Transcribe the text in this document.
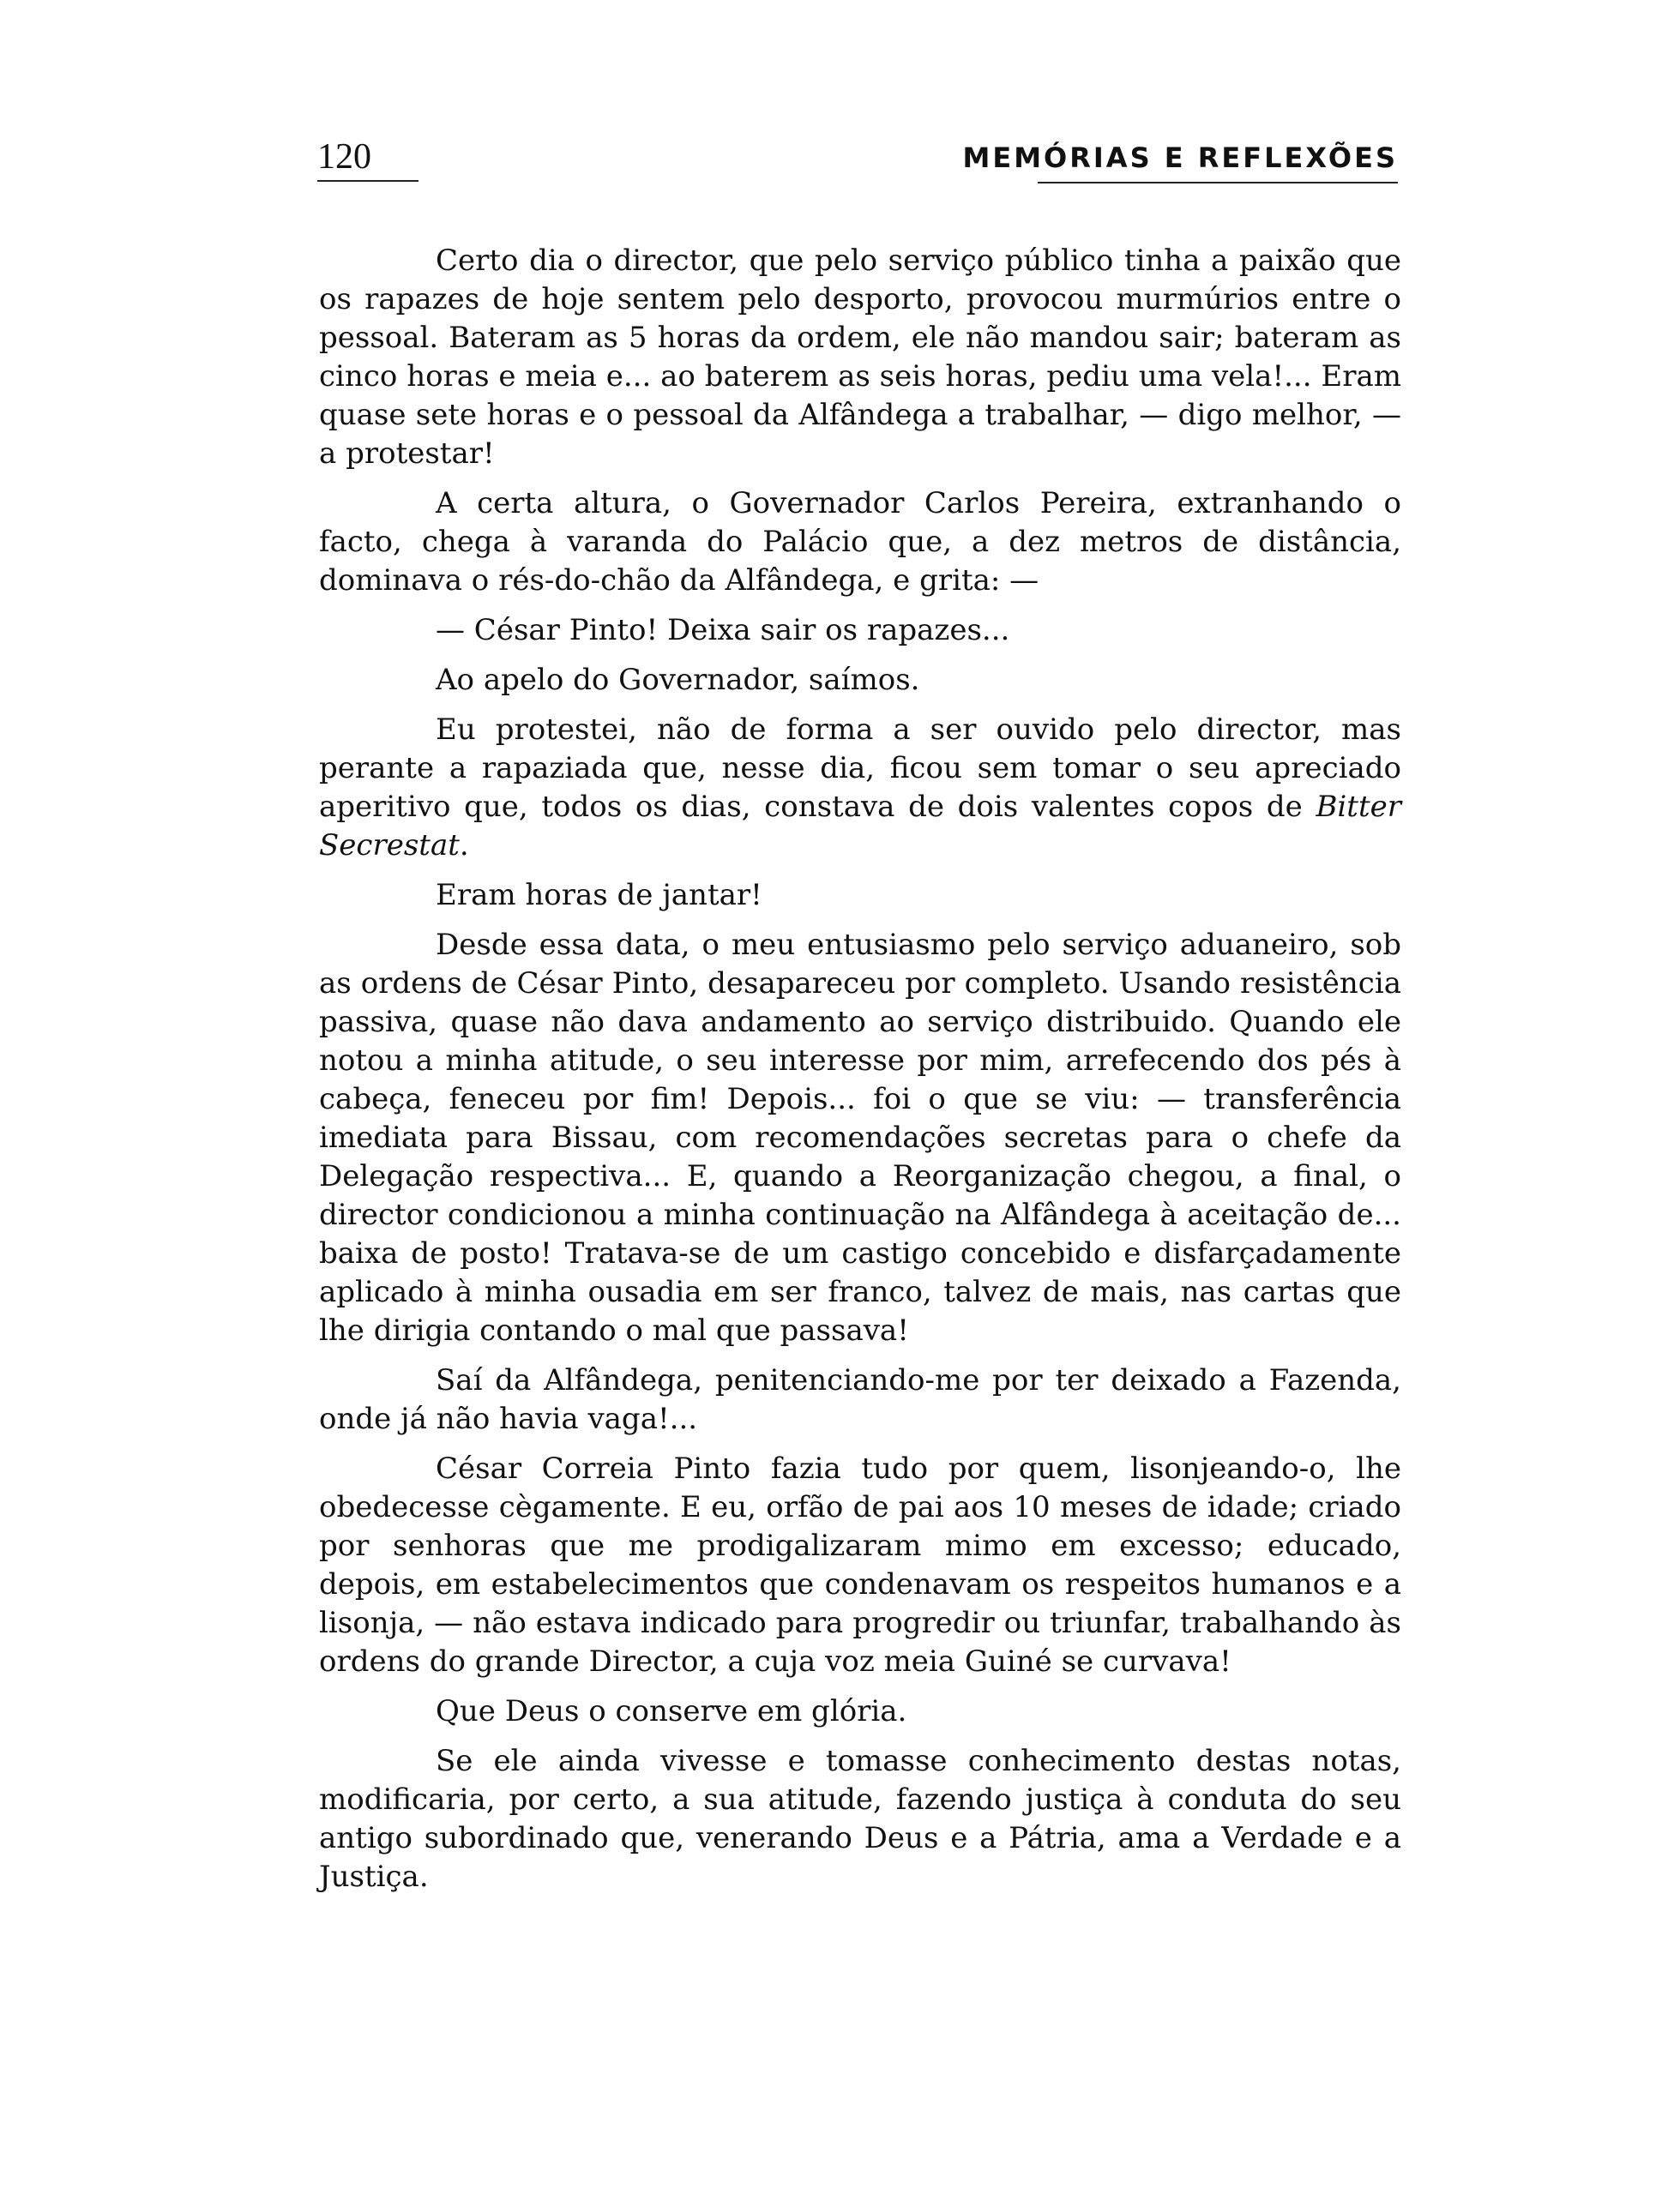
120	MEMÓRIAS E REFLEXÕES

Certo dia o director, que pelo serviço público tinha a paixão que os rapazes de hoje sentem pelo desporto, provocou murmúrios entre o pessoal. Bateram as 5 horas da ordem, ele não mandou sair; bateram as cinco horas e meia e... ao baterem as seis horas, pediu uma vela!... Eram quase sete horas e o pessoal da Alfândega a trabalhar, — digo melhor, — a protestar!

A certa altura, o Governador Carlos Pereira, extranhando o facto, chega à varanda do Palácio que, a dez metros de distância, dominava o rés-do-chão da Alfândega, e grita: —

— César Pinto! Deixa sair os rapazes...

Ao apelo do Governador, saímos.

Eu protestei, não de forma a ser ouvido pelo director, mas perante a rapaziada que, nesse dia, ficou sem tomar o seu apreciado aperitivo que, todos os dias, constava de dois valentes copos de Bitter Secrestat.

Eram horas de jantar!

Desde essa data, o meu entusiasmo pelo serviço aduaneiro, sob as ordens de César Pinto, desapareceu por completo. Usando resistência passiva, quase não dava andamento ao serviço distribuido. Quando ele notou a minha atitude, o seu interesse por mim, arrefecendo dos pés à cabeça, feneceu por fim! Depois... foi o que se viu: — transferência imediata para Bissau, com recomendações secretas para o chefe da Delegação respectiva... E, quando a Reorganização chegou, a final, o director condicionou a minha continuação na Alfândega à aceitação de... baixa de posto! Tratava-se de um castigo concebido e disfarçadamente aplicado à minha ousadia em ser franco, talvez de mais, nas cartas que lhe dirigia contando o mal que passava!

Saí da Alfândega, penitenciando-me por ter deixado a Fazenda, onde já não havia vaga!...

César Correia Pinto fazia tudo por quem, lisonjeando-o, lhe obedecesse cègamente. E eu, orfão de pai aos 10 meses de idade; criado por senhoras que me prodigalizaram mimo em excesso; educado, depois, em estabelecimentos que condenavam os respeitos humanos e a lisonja, — não estava indicado para progredir ou triunfar, trabalhando às ordens do grande Director, a cuja voz meia Guiné se curvava!

Que Deus o conserve em glória.

Se ele ainda vivesse e tomasse conhecimento destas notas, modificaria, por certo, a sua atitude, fazendo justiça à conduta do seu antigo subordinado que, venerando Deus e a Pátria, ama a Verdade e a Justiça.
